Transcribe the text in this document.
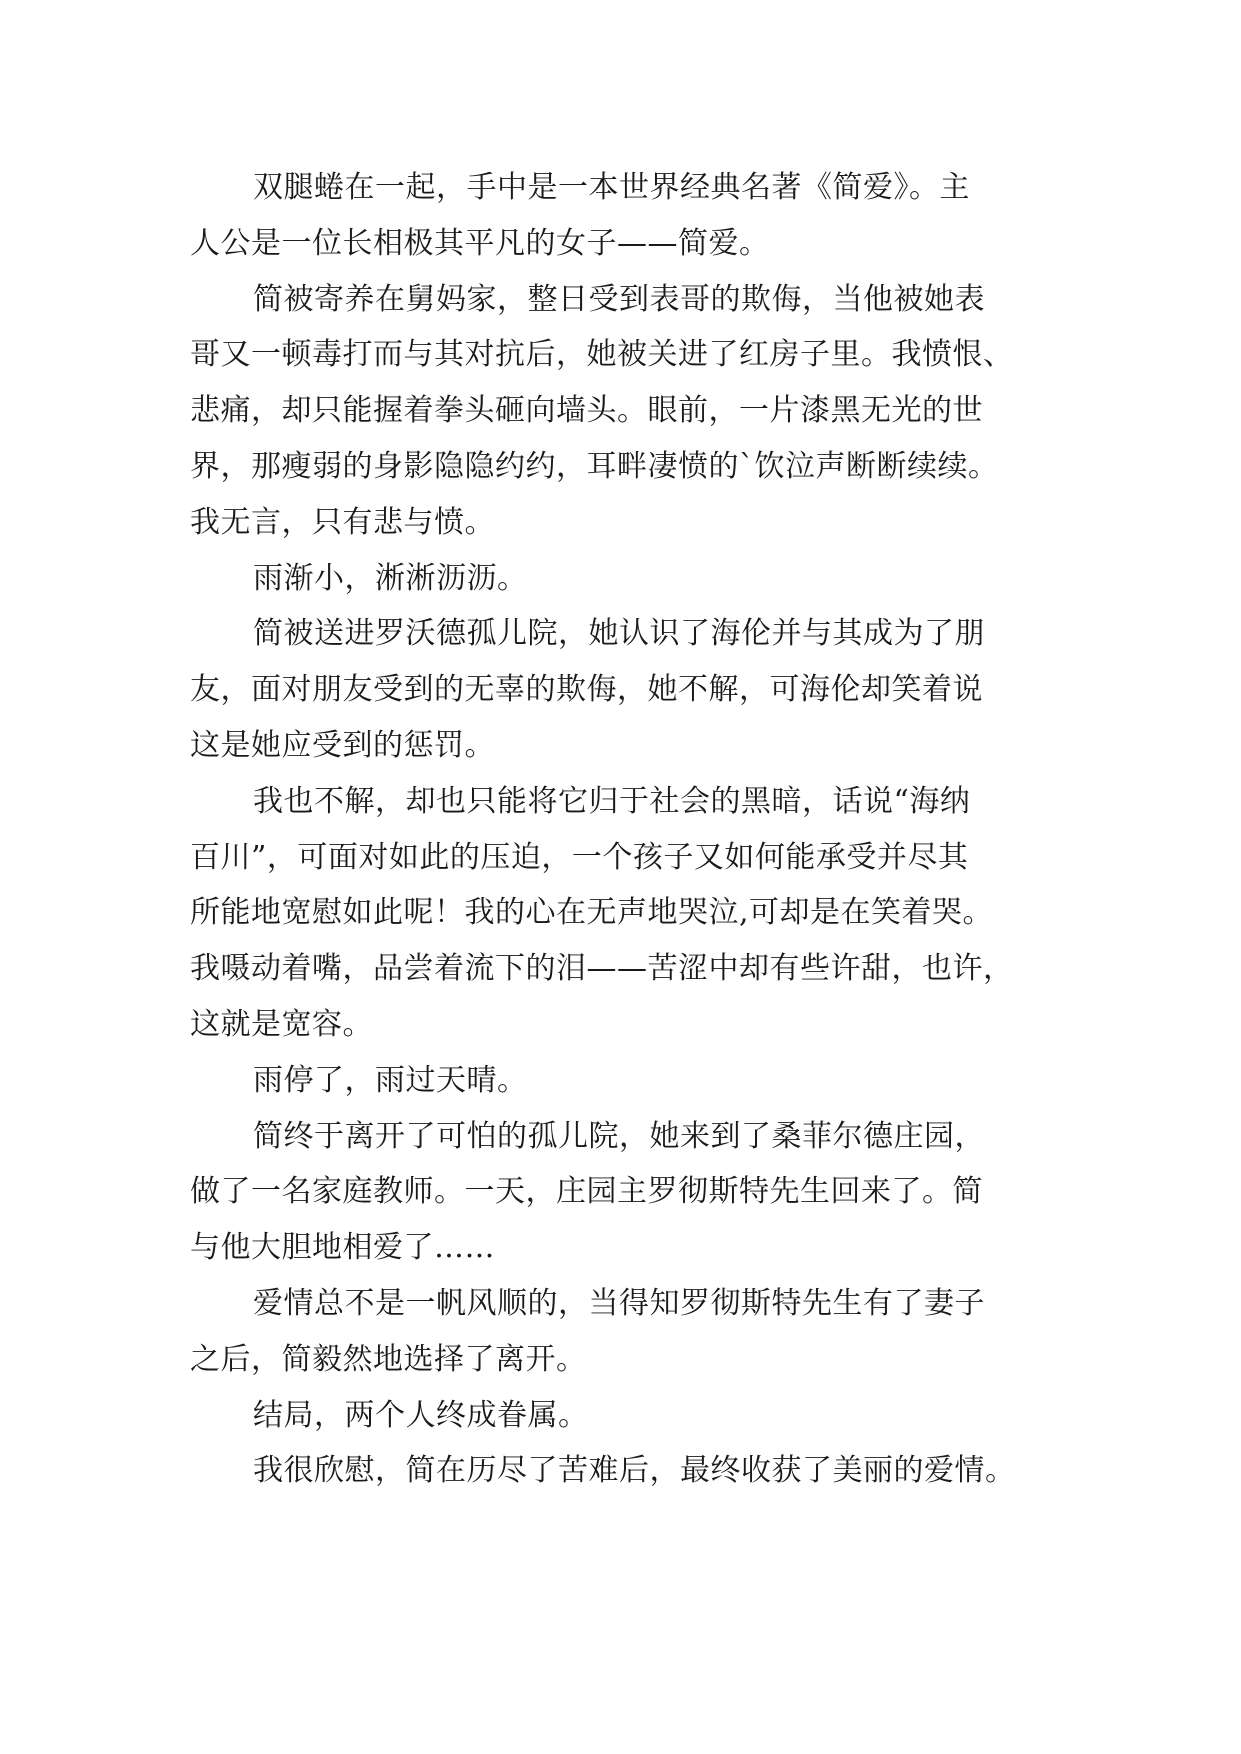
双腿蜷在一起，手中是一本世界经典名著《简爱》。主
人公是一位长相极其平凡的女子——简爱。
简被寄养在舅妈家，整日受到表哥的欺侮，当他被她表
哥又一顿毒打而与其对抗后，她被关进了红房子里。我愤恨、
悲痛，却只能握着拳头砸向墙头。眼前，一片漆黑无光的世
界，那瘦弱的身影隐隐约约，耳畔凄愤的`饮泣声断断续续。
我无言，只有悲与愤。
雨渐小，淅淅沥沥。
简被送进罗沃德孤儿院，她认识了海伦并与其成为了朋
友，面对朋友受到的无辜的欺侮，她不解，可海伦却笑着说
这是她应受到的惩罚。
我也不解，却也只能将它归于社会的黑暗，话说“海纳
百川”，可面对如此的压迫，一个孩子又如何能承受并尽其
所能地宽慰如此呢！我的心在无声地哭泣,可却是在笑着哭。
我嗫动着嘴，品尝着流下的泪——苦涩中却有些许甜，也许，
这就是宽容。
雨停了，雨过天晴。
简终于离开了可怕的孤儿院，她来到了桑菲尔德庄园，
做了一名家庭教师。一天，庄园主罗彻斯特先生回来了。简
与他大胆地相爱了……
爱情总不是一帆风顺的，当得知罗彻斯特先生有了妻子
之后，简毅然地选择了离开。
结局，两个人终成眷属。
我很欣慰，简在历尽了苦难后，最终收获了美丽的爱情。
